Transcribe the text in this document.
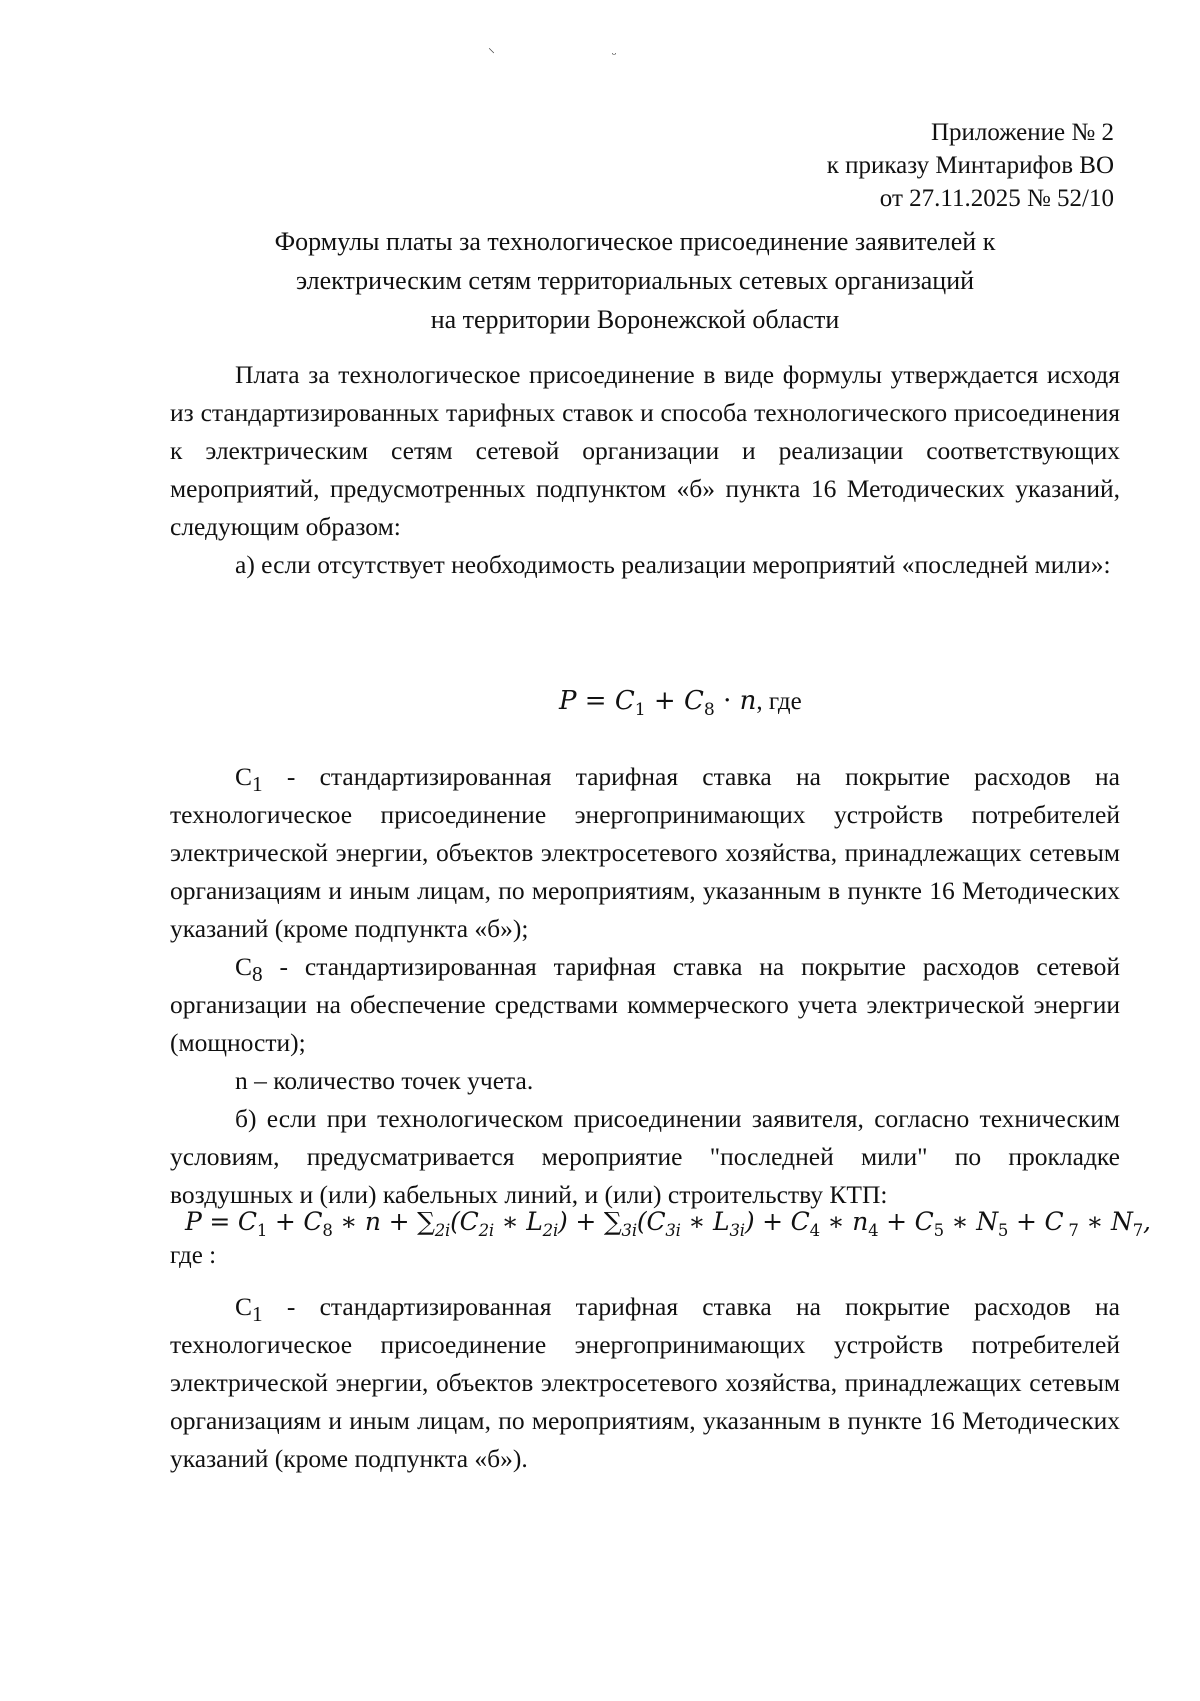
⸌	ᵕ
Приложение № 2
к приказу Минтарифов ВО
от 27.11.2025 № 52/10
Формулы платы за технологическое присоединение заявителей к
электрическим сетям территориальных сетевых организаций
на территории Воронежской области

Плата за технологическое присоединение в виде формулы утверждается исходя из стандартизированных тарифных ставок и способа технологического присоединения к электрическим сетям сетевой организации и реализации соответствующих мероприятий, предусмотренных подпунктом «б» пункта 16 Методических указаний, следующим образом:

а) если отсутствует необходимость реализации мероприятий «последней мили»:

$P = C_1 + C_8 \cdot n$, где

$С_1$ - стандартизированная тарифная ставка на покрытие расходов на технологическое присоединение энергопринимающих устройств потребителей электрической энергии, объектов электросетевого хозяйства, принадлежащих сетевым организациям и иным лицам, по мероприятиям, указанным в пункте 16 Методических указаний (кроме подпункта «б»);

$С_8$ - стандартизированная тарифная ставка на покрытие расходов сетевой организации на обеспечение средствами коммерческого учета электрической энергии (мощности);

n – количество точек учета.

б) если при технологическом присоединении заявителя, согласно техническим условиям, предусматривается мероприятие "последней мили" по прокладке воздушных и (или) кабельных линий, и (или) строительству КТП:

$P = C_1 + C_8$ ∗ $n + \sum_{2i}(C_{2i}$ ∗ $L_{2i}) + \sum_{3i}(C_{3i}$ ∗ $L_{3i}) + C_4$ ∗ $n_4 + C_5$ ∗ $N_5 + C$ $_7$ ∗ $N_7$,
где :

$С_1$ - стандартизированная тарифная ставка на покрытие расходов на технологическое присоединение энергопринимающих устройств потребителей электрической энергии, объектов электросетевого хозяйства, принадлежащих сетевым организациям и иным лицам, по мероприятиям, указанным в пункте 16 Методических указаний (кроме подпункта «б»).
